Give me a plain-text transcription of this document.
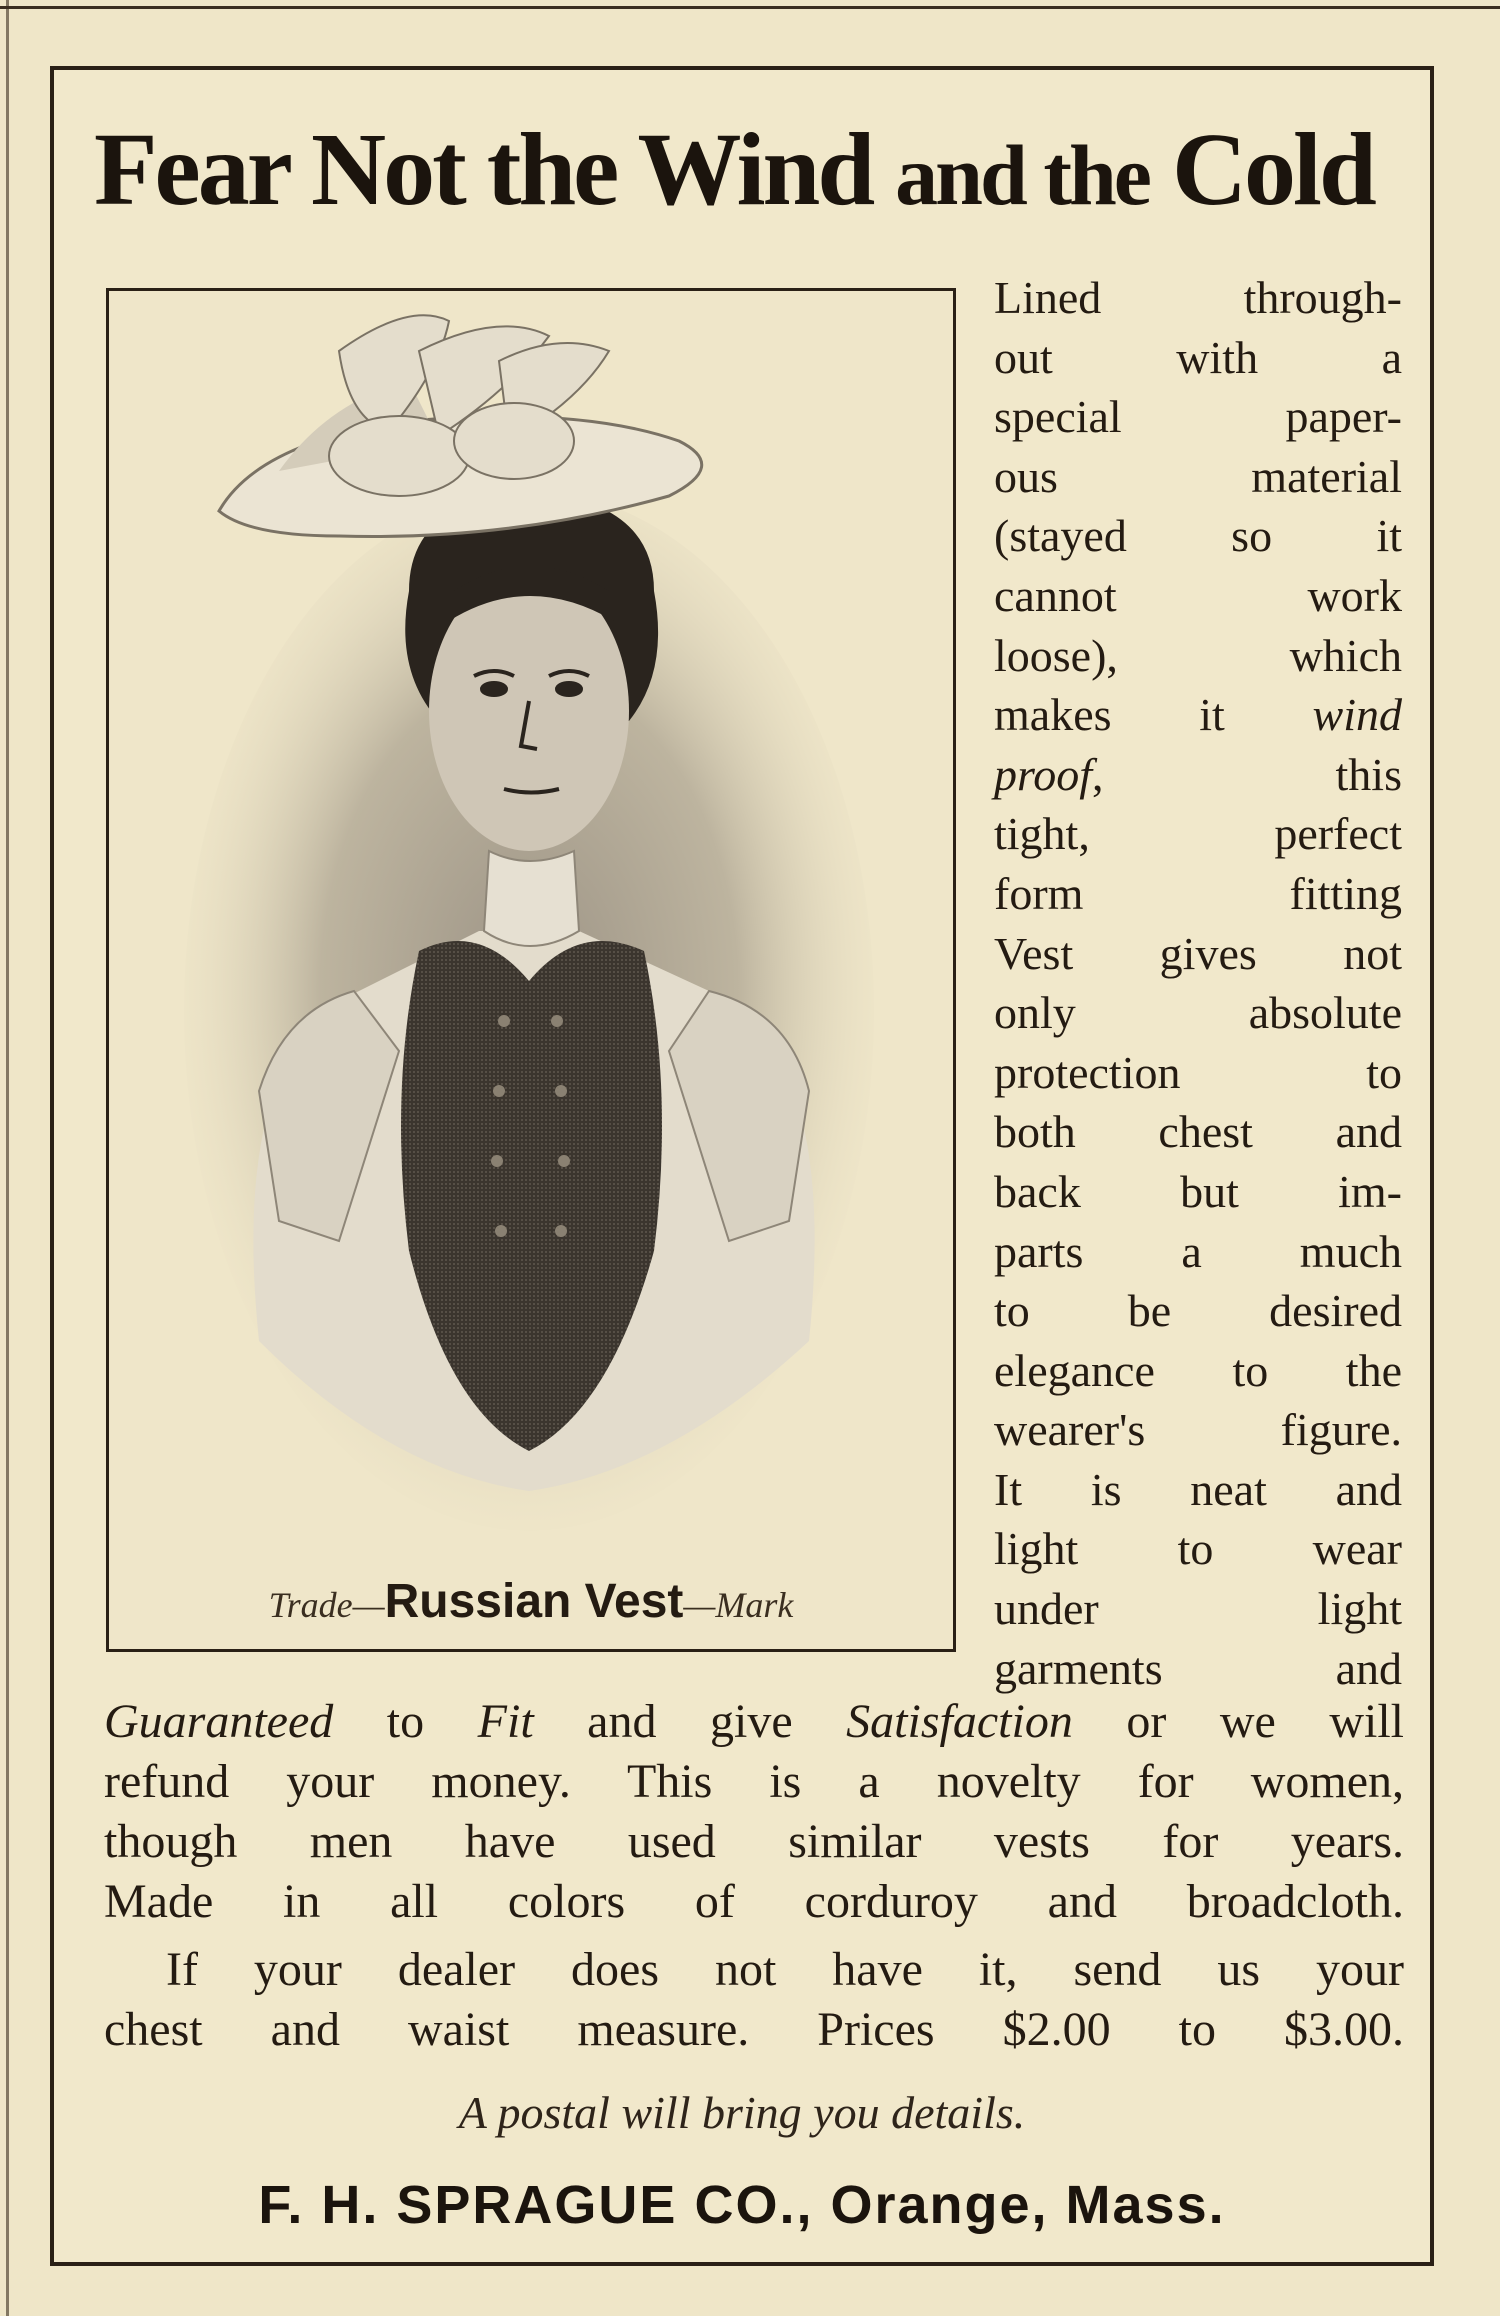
Fear Not the Wind and the Cold
Trade—Russian Vest—Mark
Lined through-
out with a
special paper-
ous material
(stayed so it
cannot work
loose), which
makes it wind
proof, this
tight, perfect
form fitting
Vest gives not
only absolute
protection to
both chest and
back but im-
parts a much
to be desired
elegance to the
wearer's figure.
It is neat and
light to wear
under light
garments and
Guaranteed to Fit and give Satisfaction or we will
refund your money. This is a novelty for women,
though men have used similar vests for years.
Made in all colors of corduroy and broadcloth.
If your dealer does not have it, send us your
chest and waist measure. Prices $2.00 to $3.00.
A postal will bring you details.
F. H. SPRAGUE CO., Orange, Mass.
